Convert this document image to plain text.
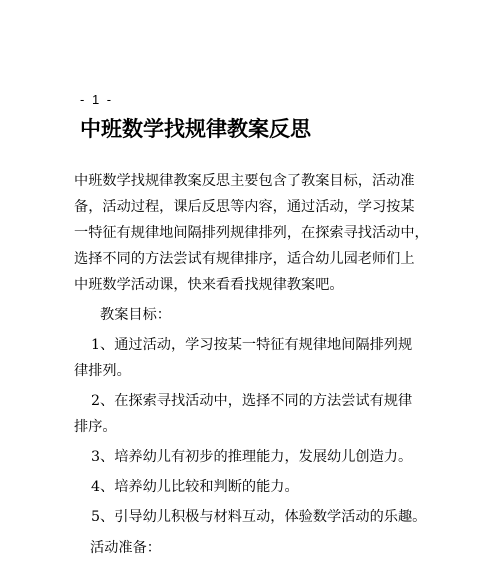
- 1 -
中班数学找规律教案反思
中班数学找规律教案反思主要包含了教案目标，活动准
备，活动过程，课后反思等内容，通过活动，学习按某
一特征有规律地间隔排列规律排列，在探索寻找活动中，
选择不同的方法尝试有规律排序，适合幼儿园老师们上
中班数学活动课，快来看看找规律教案吧。
教案目标：
1、通过活动，学习按某一特征有规律地间隔排列规
律排列。
2、在探索寻找活动中，选择不同的方法尝试有规律
排序。
3、培养幼儿有初步的推理能力，发展幼儿创造力。
4、培养幼儿比较和判断的能力。
5、引导幼儿积极与材料互动，体验数学活动的乐趣。
活动准备：
